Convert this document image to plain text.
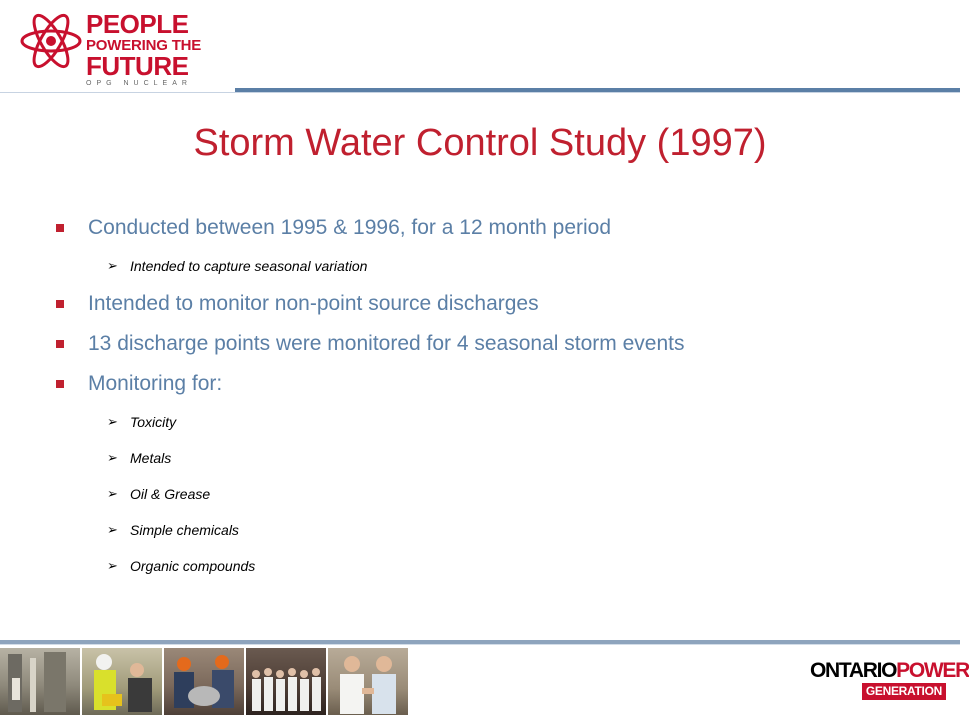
PEOPLE
POWERING THE
FUTURE
OPG NUCLEAR
Storm Water Control Study (1997)
Conducted between 1995 & 1996, for a 12 month period
➢ Intended to capture seasonal variation
Intended to monitor non-point source discharges
13 discharge points were monitored for 4 seasonal storm events
Monitoring for:
➢ Toxicity
➢ Metals
➢ Oil & Grease
➢ Simple chemicals
➢ Organic compounds
ONTARIOPOWER
GENERATION
